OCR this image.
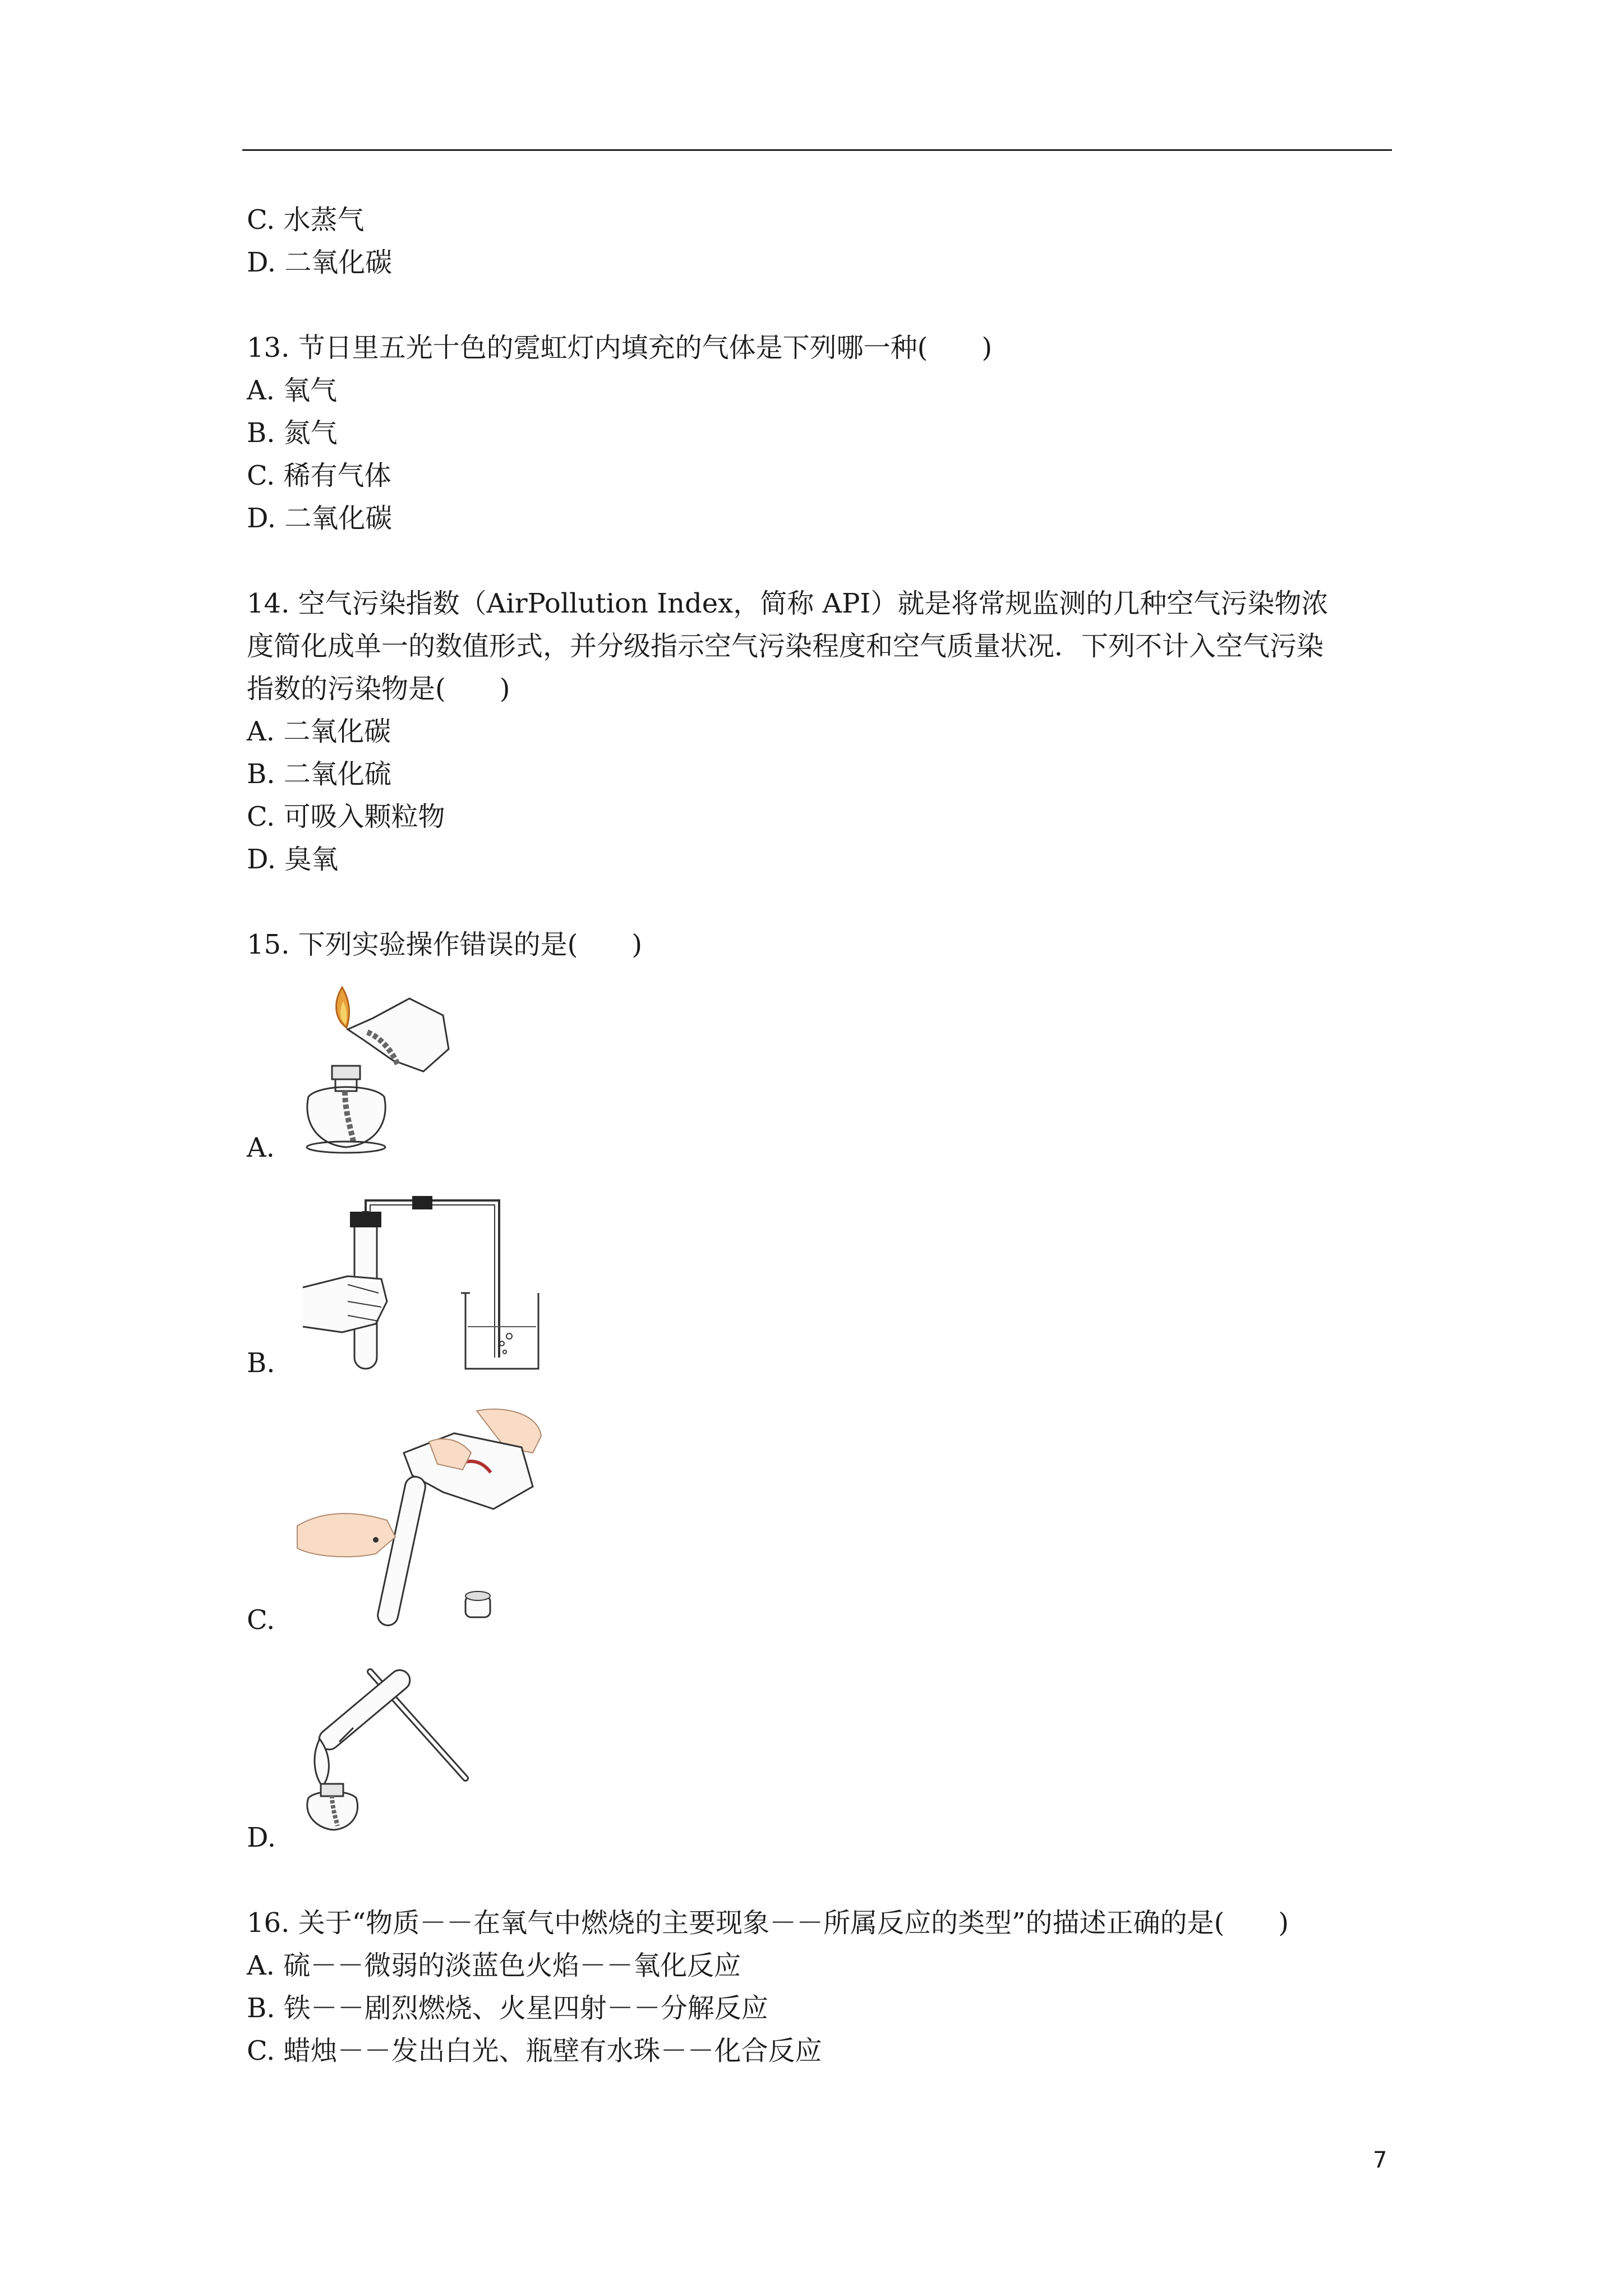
C. 水蒸气
D. 二氧化碳
13. 节日里五光十色的霓虹灯内填充的气体是下列哪一种(　　)
A. 氧气
B. 氮气
C. 稀有气体
D. 二氧化碳
14. 空气污染指数（AirPollution Index，简称 API）就是将常规监测的几种空气污染物浓
度简化成单一的数值形式，并分级指示空气污染程度和空气质量状况．下列不计入空气污染
指数的污染物是(　　)
A. 二氧化碳
B. 二氧化硫
C. 可吸入颗粒物
D. 臭氧
15. 下列实验操作错误的是(　　)
A.
B.
C.
D.
16. 关于“物质－－在氧气中燃烧的主要现象－－所属反应的类型”的描述正确的是(　　)
A. 硫－－微弱的淡蓝色火焰－－氧化反应
B. 铁－－剧烈燃烧、火星四射－－分解反应
C. 蜡烛－－发出白光、瓶壁有水珠－－化合反应
7
